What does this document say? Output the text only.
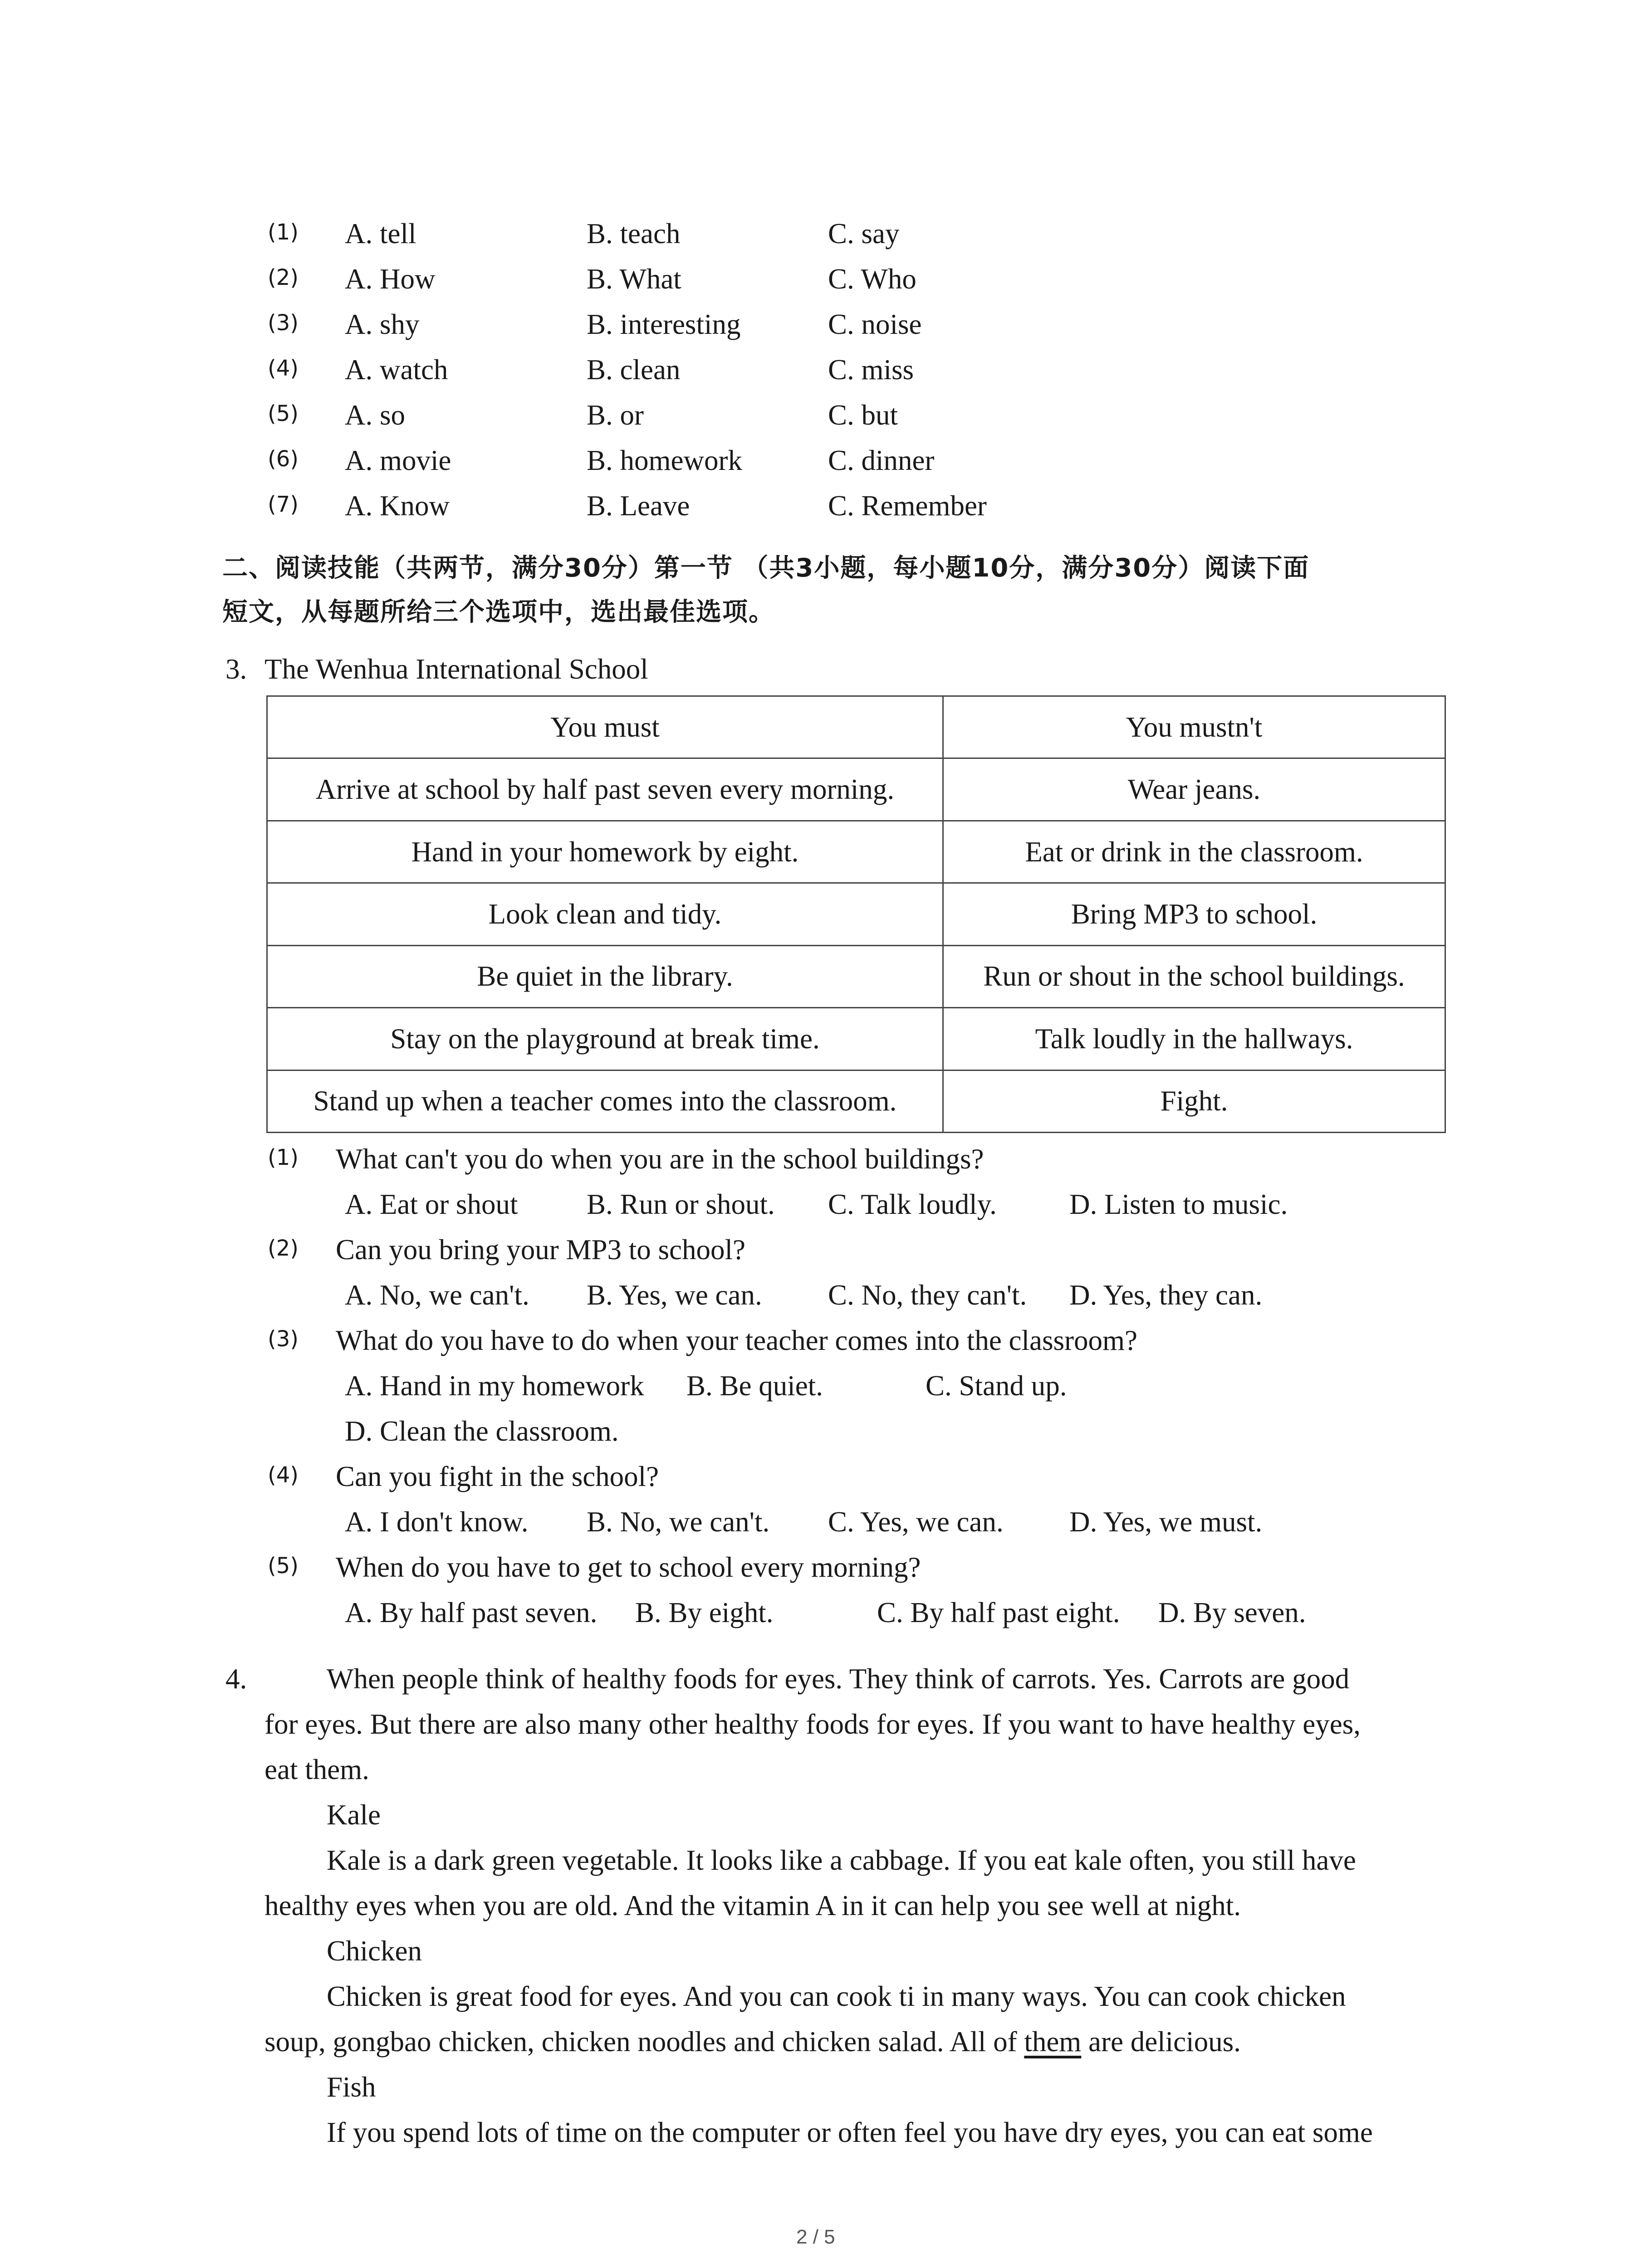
(1) A. tell	B. teach	C. say
(2) A. How	B. What	C. Who
(3) A. shy	B. interesting	C. noise
(4) A. watch	B. clean	C. miss
(5) A. so	B. or	C. but
(6) A. movie	B. homework	C. dinner
(7) A. Know	B. Leave	C. Remember
二、阅读技能（共两节，满分30分）第一节 （共3小题，每小题10分，满分30分）阅读下面
短文，从每题所给三个选项中，选出最佳选项。
3. The Wenhua International School
You must	You mustn't
Arrive at school by half past seven every morning.	Wear jeans.
Hand in your homework by eight.	Eat or drink in the classroom.
Look clean and tidy.	Bring MP3 to school.
Be quiet in the library.	Run or shout in the school buildings.
Stay on the playground at break time.	Talk loudly in the hallways.
Stand up when a teacher comes into the classroom.	Fight.
(1) What can't you do when you are in the school buildings?
A. Eat or shout B. Run or shout. C. Talk loudly.	D. Listen to music.
(2) Can you bring your MP3 to school?
A. No, we can't. B. Yes, we can. C. No, they can't. D. Yes, they can.
(3) What do you have to do when your teacher comes into the classroom?
A. Hand in my homework B. Be quiet.	C. Stand up.
D. Clean the classroom.
(4) Can you fight in the school?
A. I don't know. B. No, we can't. C. Yes, we can. D. Yes, we must.
(5) When do you have to get to school every morning?
A. By half past seven. B. By eight.	C. By half past eight. D. By seven.
4.	When people think of healthy foods for eyes. They think of carrots. Yes. Carrots are good
for eyes. But there are also many other healthy foods for eyes. If you want to have healthy eyes,
eat them.
Kale
Kale is a dark green vegetable. It looks like a cabbage. If you eat kale often, you still have
healthy eyes when you are old. And the vitamin A in it can help you see well at night.
Chicken
Chicken is great food for eyes. And you can cook ti in many ways. You can cook chicken
soup, gongbao chicken, chicken noodles and chicken salad. All of them are delicious.
Fish
If you spend lots of time on the computer or often feel you have dry eyes, you can eat some
2 / 5
